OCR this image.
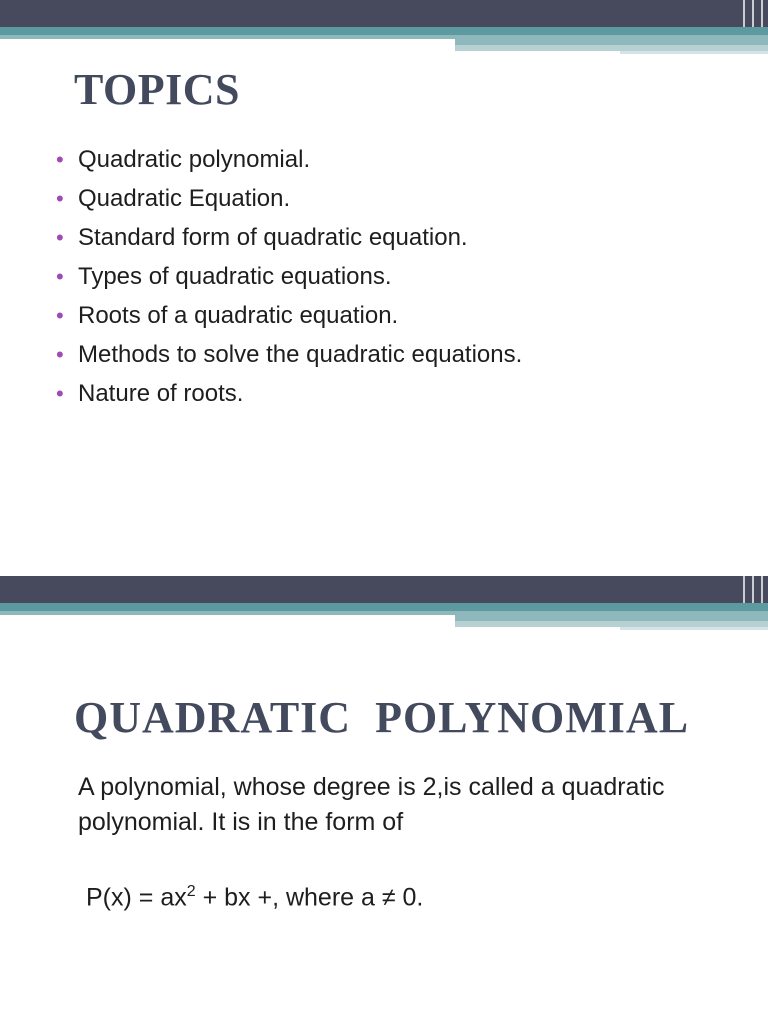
TOPICS
• Quadratic polynomial.
• Quadratic Equation.
• Standard form of quadratic equation.
• Types of quadratic equations.
• Roots of a quadratic equation.
• Methods to solve the quadratic equations.
• Nature of roots.
QUADRATIC  POLYNOMIAL

A polynomial, whose degree is 2,is called a quadratic polynomial. It is in the form of

$P(x) = ax^2$ + bx +, where a ≠ 0.
